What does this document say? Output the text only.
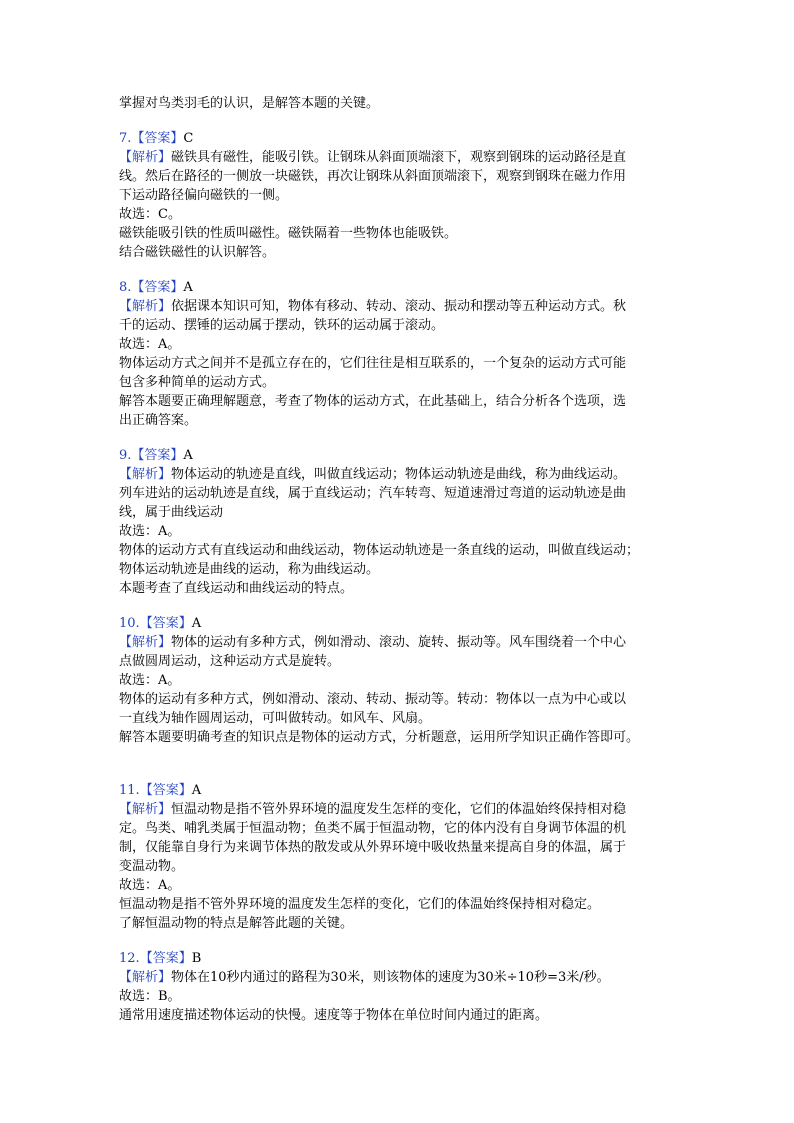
掌握对鸟类羽毛的认识，是解答本题的关键。
7.【答案】C
【解析】磁铁具有磁性，能吸引铁。让钢珠从斜面顶端滚下，观察到钢珠的运动路径是直
线。然后在路径的一侧放一块磁铁，再次让钢珠从斜面顶端滚下，观察到钢珠在磁力作用
下运动路径偏向磁铁的一侧。
故选：C。
磁铁能吸引铁的性质叫磁性。磁铁隔着一些物体也能吸铁。
结合磁铁磁性的认识解答。
8.【答案】A
【解析】依据课本知识可知，物体有移动、转动、滚动、振动和摆动等五种运动方式。秋
千的运动、摆锤的运动属于摆动，铁环的运动属于滚动。
故选：A。
物体运动方式之间并不是孤立存在的，它们往往是相互联系的，一个复杂的运动方式可能
包含多种简单的运动方式。
解答本题要正确理解题意，考查了物体的运动方式，在此基础上，结合分析各个选项，选
出正确答案。
9.【答案】A
【解析】物体运动的轨迹是直线，叫做直线运动；物体运动轨迹是曲线，称为曲线运动。
列车进站的运动轨迹是直线，属于直线运动；汽车转弯、短道速滑过弯道的运动轨迹是曲
线，属于曲线运动
故选：A。
物体的运动方式有直线运动和曲线运动，物体运动轨迹是一条直线的运动，叫做直线运动；
物体运动轨迹是曲线的运动，称为曲线运动。
本题考查了直线运动和曲线运动的特点。
10.【答案】A
【解析】物体的运动有多种方式，例如滑动、滚动、旋转、振动等。风车围绕着一个中心
点做圆周运动，这种运动方式是旋转。
故选：A。
物体的运动有多种方式，例如滑动、滚动、转动、振动等。转动：物体以一点为中心或以
一直线为轴作圆周运动，可叫做转动。如风车、风扇。
解答本题要明确考查的知识点是物体的运动方式，分析题意，运用所学知识正确作答即可。
11.【答案】A
【解析】恒温动物是指不管外界环境的温度发生怎样的变化，它们的体温始终保持相对稳
定。鸟类、哺乳类属于恒温动物；鱼类不属于恒温动物，它的体内没有自身调节体温的机
制，仅能靠自身行为来调节体热的散发或从外界环境中吸收热量来提高自身的体温，属于
变温动物。
故选：A。
恒温动物是指不管外界环境的温度发生怎样的变化，它们的体温始终保持相对稳定。
了解恒温动物的特点是解答此题的关键。
12.【答案】B
【解析】物体在10秒内通过的路程为30米，则该物体的速度为30米÷10秒=3米/秒。
故选：B。
通常用速度描述物体运动的快慢。速度等于物体在单位时间内通过的距离。
